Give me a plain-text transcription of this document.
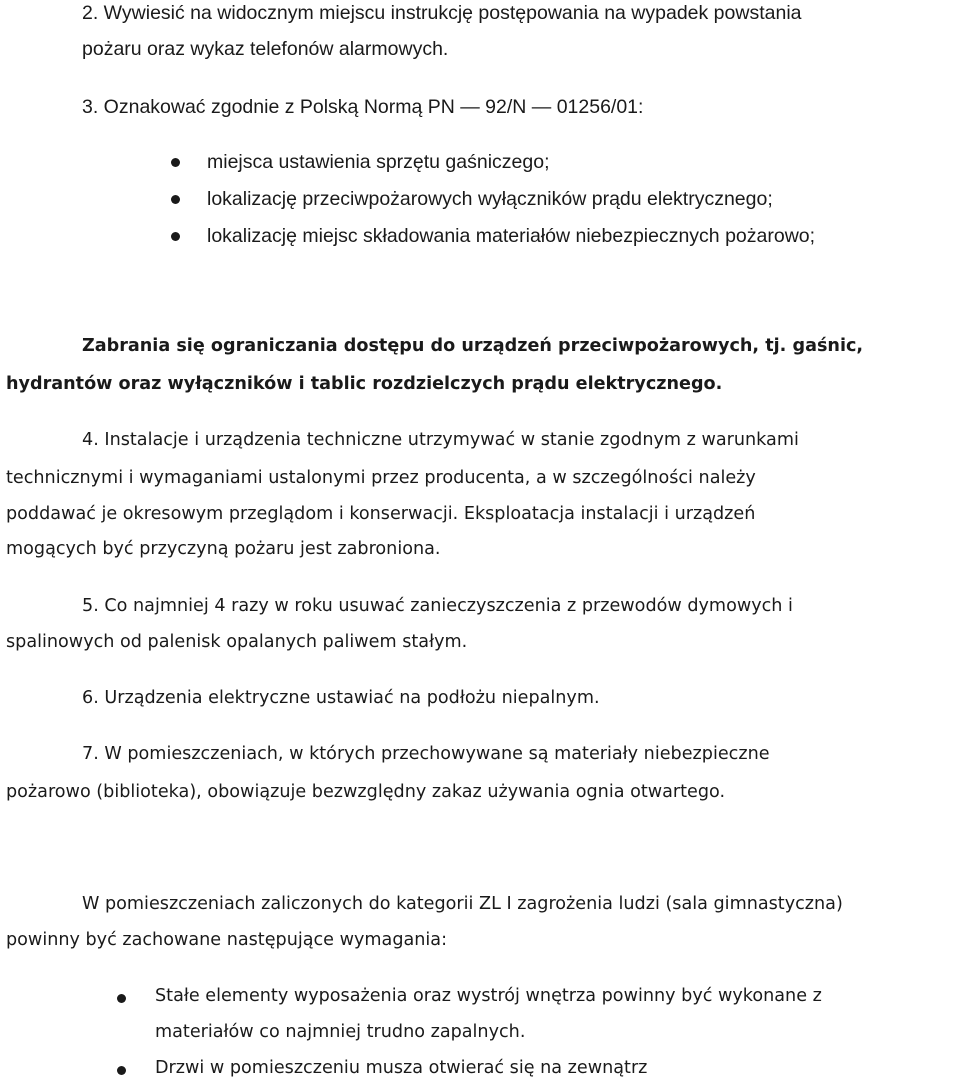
2. Wywiesić na widocznym miejscu instrukcję postępowania na wypadek powstania

pożaru oraz wykaz telefonów alarmowych.

3. Oznakować zgodnie z Polską Normą PN — 92/N — 01256/01:

miejsca ustawienia sprzętu gaśniczego;

lokalizację przeciwpożarowych wyłączników prądu elektrycznego;

lokalizację miejsc składowania materiałów niebezpiecznych pożarowo;

Zabrania się ograniczania dostępu do urządzeń przeciwpożarowych, tj. gaśnic,

hydrantów oraz wyłączników i tablic rozdzielczych prądu elektrycznego.

4. Instalacje i urządzenia techniczne utrzymywać w stanie zgodnym z warunkami

technicznymi i wymaganiami ustalonymi przez producenta, a w szczególności należy

poddawać je okresowym przeglądom i konserwacji. Eksploatacja instalacji i urządzeń

mogących być przyczyną pożaru jest zabroniona.

5. Co najmniej 4 razy w roku usuwać zanieczyszczenia z przewodów dymowych i

spalinowych od palenisk opalanych paliwem stałym.

6. Urządzenia elektryczne ustawiać na podłożu niepalnym.

7. W pomieszczeniach, w których przechowywane są materiały niebezpieczne

pożarowo (biblioteka), obowiązuje bezwzględny zakaz używania ognia otwartego.

W pomieszczeniach zaliczonych do kategorii ZL I zagrożenia ludzi (sala gimnastyczna)

powinny być zachowane następujące wymagania:

Stałe elementy wyposażenia oraz wystrój wnętrza powinny być wykonane z

materiałów co najmniej trudno zapalnych.

Drzwi w pomieszczeniu musza otwierać się na zewnątrz
